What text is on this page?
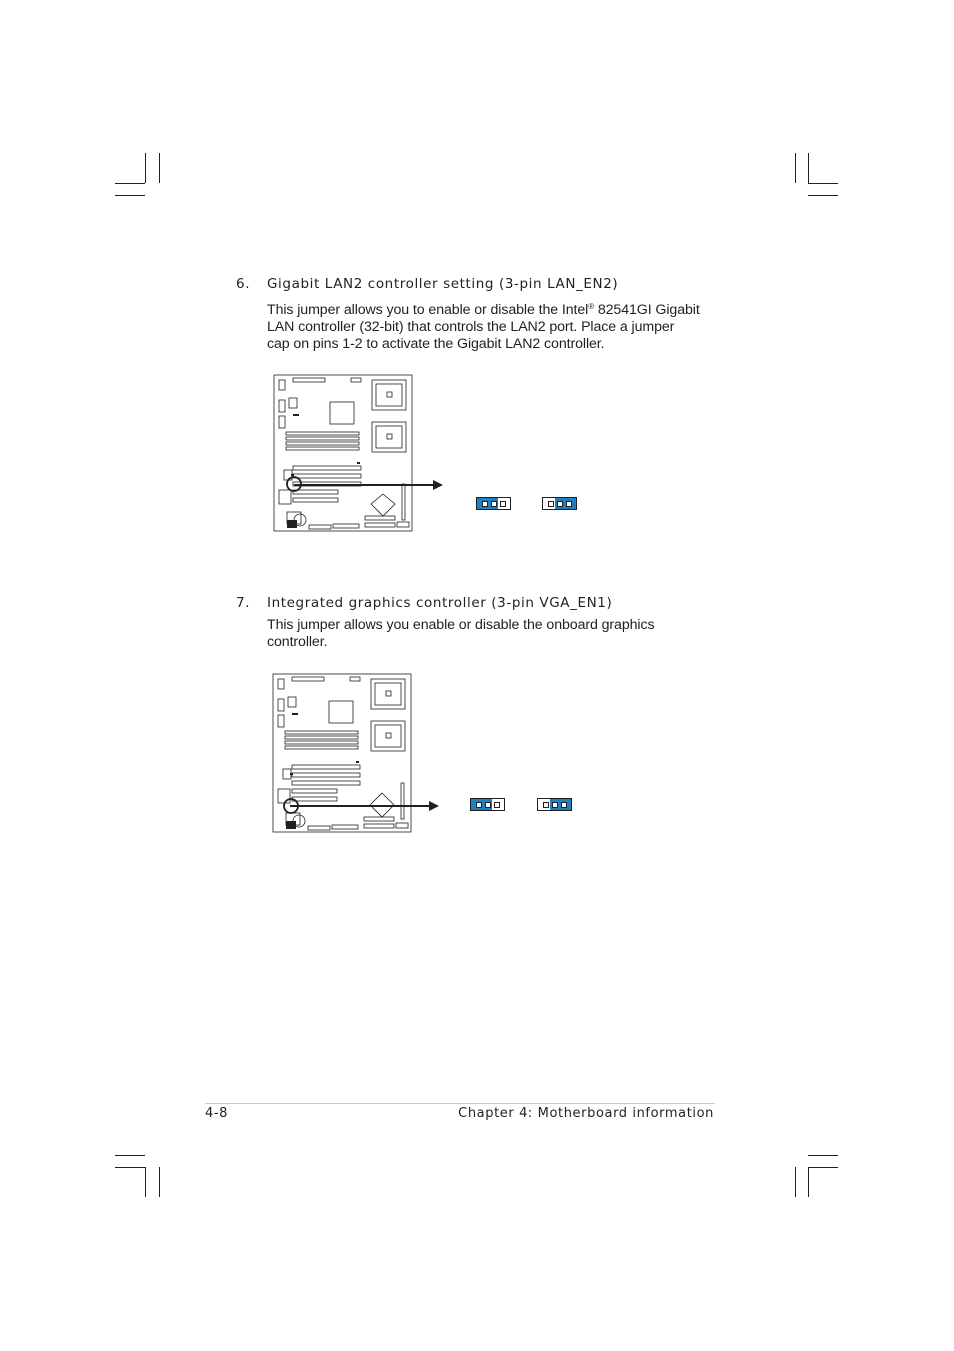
6. Gigabit LAN2 controller setting (3-pin LAN_EN2)

This jumper allows you to enable or disable the Intel® 82541GI Gigabit

LAN controller (32-bit) that controls the LAN2 port. Place a jumper

cap on pins 1-2 to activate the Gigabit LAN2 controller.

7. Integrated graphics controller (3-pin VGA_EN1)

This jumper allows you enable or disable the onboard graphics

controller.

4-8	Chapter 4: Motherboard information
